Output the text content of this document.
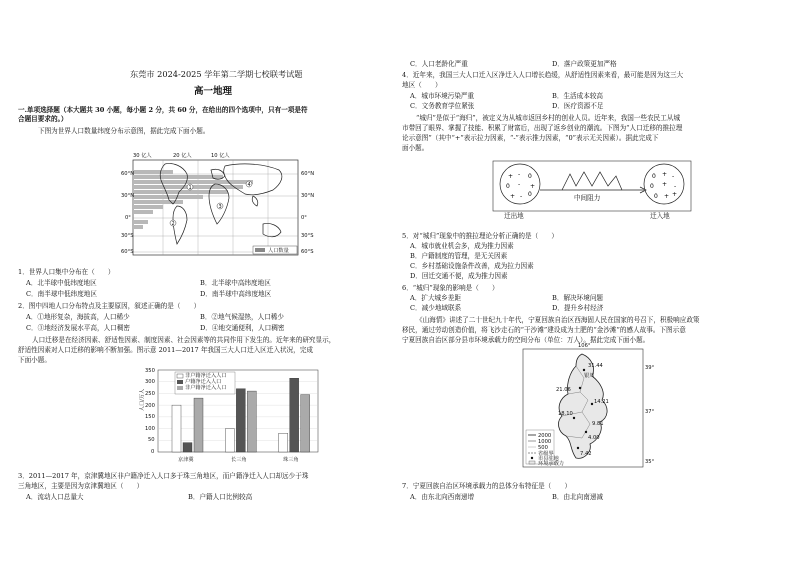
东莞市 2024-2025 学年第二学期七校联考试题
高一地理
一.单项选择题（本大题共 30 小题，每小题 2 分，共 60 分，在给出的四个选项中，只有一项是符
合题目要求的。）
下图为世界人口数量纬度分布示意图，据此完成下面小题。
1
2
3
4
60°N
30°N
0°
30°S
60°S
60°N
30°N
0°
30°S
60°S
30 亿人	20 亿人	10 亿人
人口数量
1．世界人口集中分布在（　　）
A．北半球中低纬度地区	B．北半球中高纬度地区
C．南半球中低纬度地区	D．南半球中高纬度地区
2．图中四地人口分布特点及主要原因，叙述正确的是（　　）
A．①地形复杂，海拔高，人口稀少	B．②地气候湿热，人口稀少
C．③地经济发展水平高，人口稠密	D．④地交通便利，人口稠密
人口迁移是在经济因素、舒适性因素、制度因素、社会因素等的共同作用下发生的。近年来的研究显示，
舒适性因素对人口迁移的影响不断加强。图示意 2011—2017 年我国三大人口迁入区迁入状况，完成
下面小题。
非户籍净迁入人口
户籍净迁入人口
非户籍净迁入人口
人口/万人
350
300
250
200
150
100
50
0
京津冀	长三角	珠三角
3．2011—2017 年，京津冀地区非户籍净迁入人口多于珠三角地区，而户籍净迁入人口却远少于珠
三角地区，主要是因为京津冀地区（　　）
A．流动人口总量大	B．户籍人口比例较高
C．人口老龄化严重	D．落户政策更加严格
4．近年来，我国三大人口迁入区净迁入人口增长趋缓，从舒适性因素来看，最可能是因为这三大
地区（　　）
A．城市环境污染严重	B．生活成本较高
C．文务教育学位紧张	D．医疗资源不足
“城归”是似于“海归”，被定义为从城市返回乡村的创业人员。近年来，我国一些农民工从城
市带回了眼界、掌握了技能、积累了财富后，出现了返乡创业的潮流。下图为“人口迁移的推拉理
论示意图”（其中“+”表示拉力因素，“-”表示推力因素，“0”表示无关因素）。据此完成下
面小题。
+ - 0
0 - +
+ - 0
0 + -
0 + -
0 + +
中间阻力
迁出地	迁入地
5．对“城归”现象中的推拉理论分析正确的是（　　）
A．城市就业机会多，成为推力因素
B．户籍制度的管理，是无关因素
C．乡村基础设施条件改善，成为拉力因素
D．回迁交通不便，成为推力因素
6．“城归”现象的影响是（　　）
A．扩大城乡差距	B．解决环境问题
C．减少地域联系	D．提升乡村经济
《山海情》讲述了二十世纪九十年代，宁夏回族自治区西海固人民在国家的号召下，积极响应政策
移民，通过劳动创造价值，将飞沙走石的“干沙滩”建设成为土肥的“金沙滩”的感人故事。下图示意
宁夏回族自治区部分县市环境承载力的空间分布（单位：万人）。据此完成下面小题。
106°
39°
37°
35°
31.44
银川
14.21
21.06
9.81
18.10
4.00
7.42
2000
1000
500
省级界
市县驻地
环境承载力
7．宁夏回族自治区环境承载力的总体分布特征是（　　）
A．由东北向西南递增	B．由北向南递减
